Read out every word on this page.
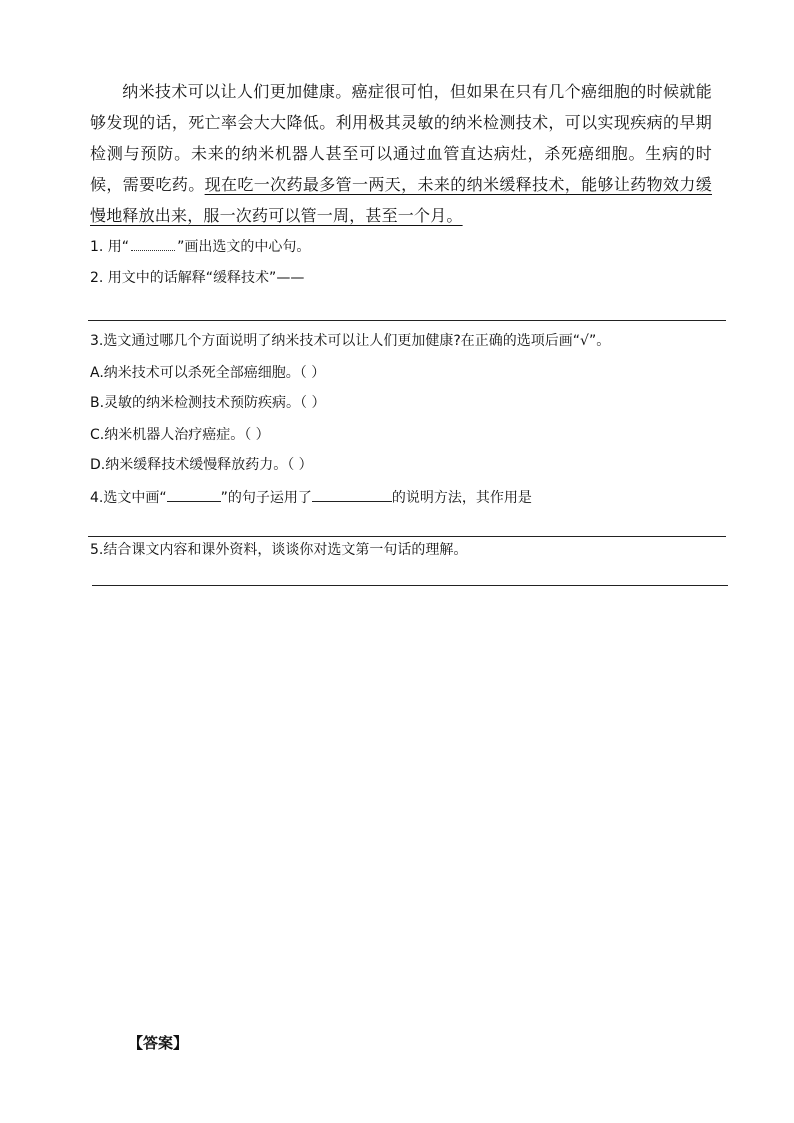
纳米技术可以让人们更加健康。癌症很可怕，但如果在只有几个癌细胞的时候就能够发现的话，死亡率会大大降低。利用极其灵敏的纳米检测技术，可以实现疾病的早期检测与预防。未来的纳米机器人甚至可以通过血管直达病灶，杀死癌细胞。生病的时候，需要吃药。现在吃一次药最多管一两天，未来的纳米缓释技术，能够让药物效力缓慢地释放出来，服一次药可以管一周，甚至一个月。
1. 用“	”画出选文的中心句。
2. 用文中的话解释“缓释技术”——
3.选文通过哪几个方面说明了纳米技术可以让人们更加健康?在正确的选项后画“√”。
A.纳米技术可以杀死全部癌细胞。（ ）
B.灵敏的纳米检测技术预防疾病。（ ）
C.纳米机器人治疗癌症。（ ）
D.纳米缓释技术缓慢释放药力。（ ）
4.选文中画“	”的句子运用了	的说明方法，其作用是
5.结合课文内容和课外资料，谈谈你对选文第一句话的理解。
【答案】
